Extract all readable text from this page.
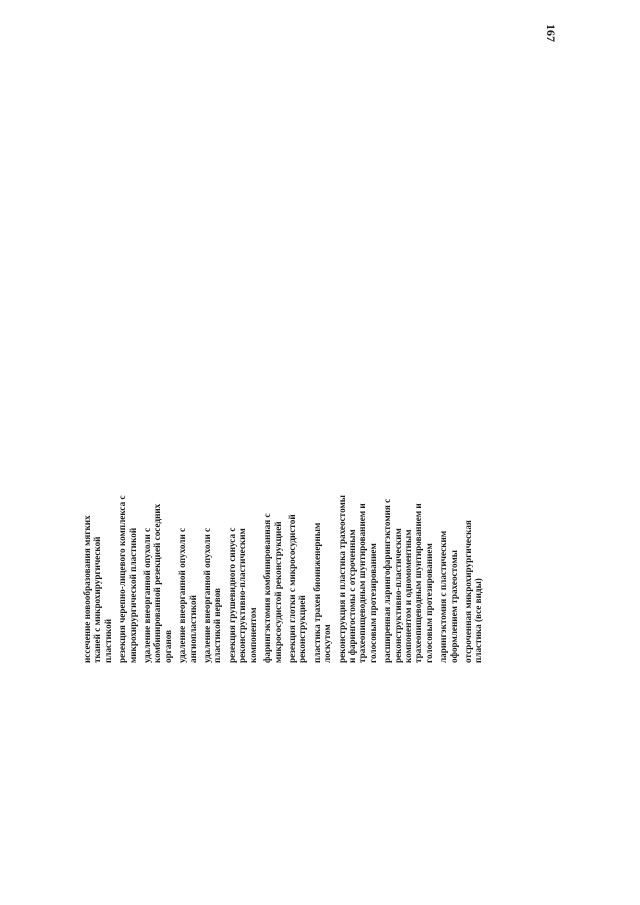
167
иссечение новообразования мягких тканей с микрохирургической пластикой резекция черепно-лицевого комплекса с микрохирургической пластикой удаление внеорганной опухоли с комбинированной резекцией соседних органов удаление внеорганной опухоли с ангиопластикой удаление внеорганной опухоли с пластикой нервов резекция грушевидного синуса с реконструктивно-пластическим компонентом фарингэктомия комбинированная с микрососудистой реконструкцией резекция глотки с микрососудистой реконструкцией пластика трахеи биоинженерным лоскутом реконструкция и пластика трахеостомы и фарингостомы с отсроченным трахеопищеводным шунтированием и голосовым протезированием расширенная ларингофарингэктомия с реконструктивно-пластическим компонентом и одномоментным трахеопищеводным шунтированием и голосовым протезированием ларингэктомия с пластическим оформлением трахеостомы отсроченная микрохирургическая пластика (все виды)
